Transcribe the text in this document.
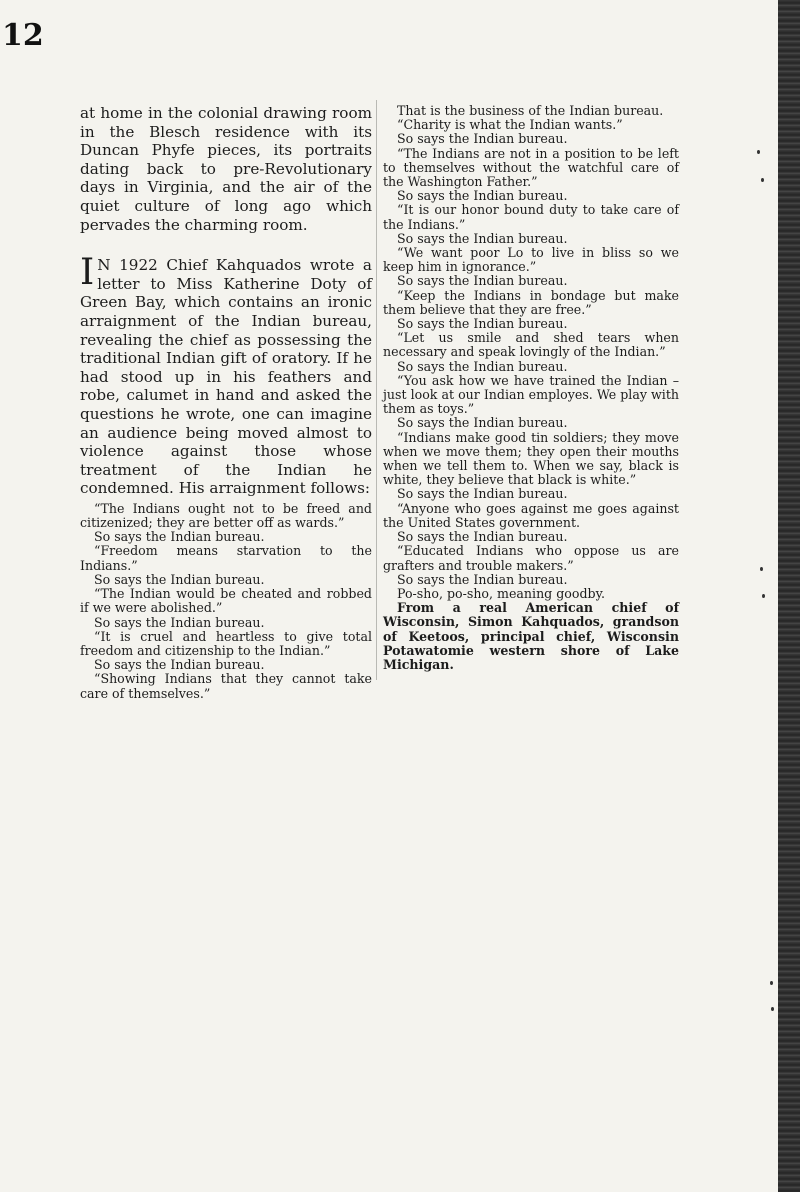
12

at home in the colonial drawing room in the Blesch residence with its Duncan Phyfe pieces, its portraits dating back to pre-Revolutionary days in Virginia, and the air of the quiet culture of long ago which pervades the charming room.

I N 1922 Chief Kahquados wrote a letter to Miss Katherine Doty of Green Bay, which contains an ironic arraignment of the Indian bureau, revealing the chief as possessing the traditional Indian gift of oratory. If he had stood up in his feathers and robe, calumet in hand and asked the questions he wrote, one can imagine an audience being moved almost to violence against those whose treatment of the Indian he condemned. His arraignment follows:

“The Indians ought not to be freed and citizenized; they are better off as wards.”

So says the Indian bureau.

“Freedom means starvation to the Indians.”

So says the Indian bureau.

“The Indian would be cheated and robbed if we were abolished.”

So says the Indian bureau.

“It is cruel and heartless to give total freedom and citizenship to the Indian.”

So says the Indian bureau.

“Showing Indians that they cannot take care of themselves.”

That is the business of the Indian bureau.

“Charity is what the Indian wants.”

So says the Indian bureau.

“The Indians are not in a position to be left to themselves without the watchful care of the Washington Father.”

So says the Indian bureau.

“It is our honor bound duty to take care of the Indians.”

So says the Indian bureau.

“We want poor Lo to live in bliss so we keep him in ignorance.”

So says the Indian bureau.

“Keep the Indians in bondage but make them believe that they are free.”

So says the Indian bureau.

“Let us smile and shed tears when necessary and speak lovingly of the Indian.”

So says the Indian bureau.

“You ask how we have trained the Indian – just look at our Indian employes. We play with them as toys.”

So says the Indian bureau.

“Indians make good tin soldiers; they move when we move them; they open their mouths when we tell them to. When we say, black is white, they believe that black is white.”

So says the Indian bureau.

“Anyone who goes against me goes against the United States government.

So says the Indian bureau.

“Educated Indians who oppose us are grafters and trouble makers.”

So says the Indian bureau.

Po-sho, po-sho, meaning goodby.

From a real American chief of Wisconsin, Simon Kahquados, grandson of Keetoos, principal chief, Wisconsin Potawatomie western shore of Lake Michigan.
